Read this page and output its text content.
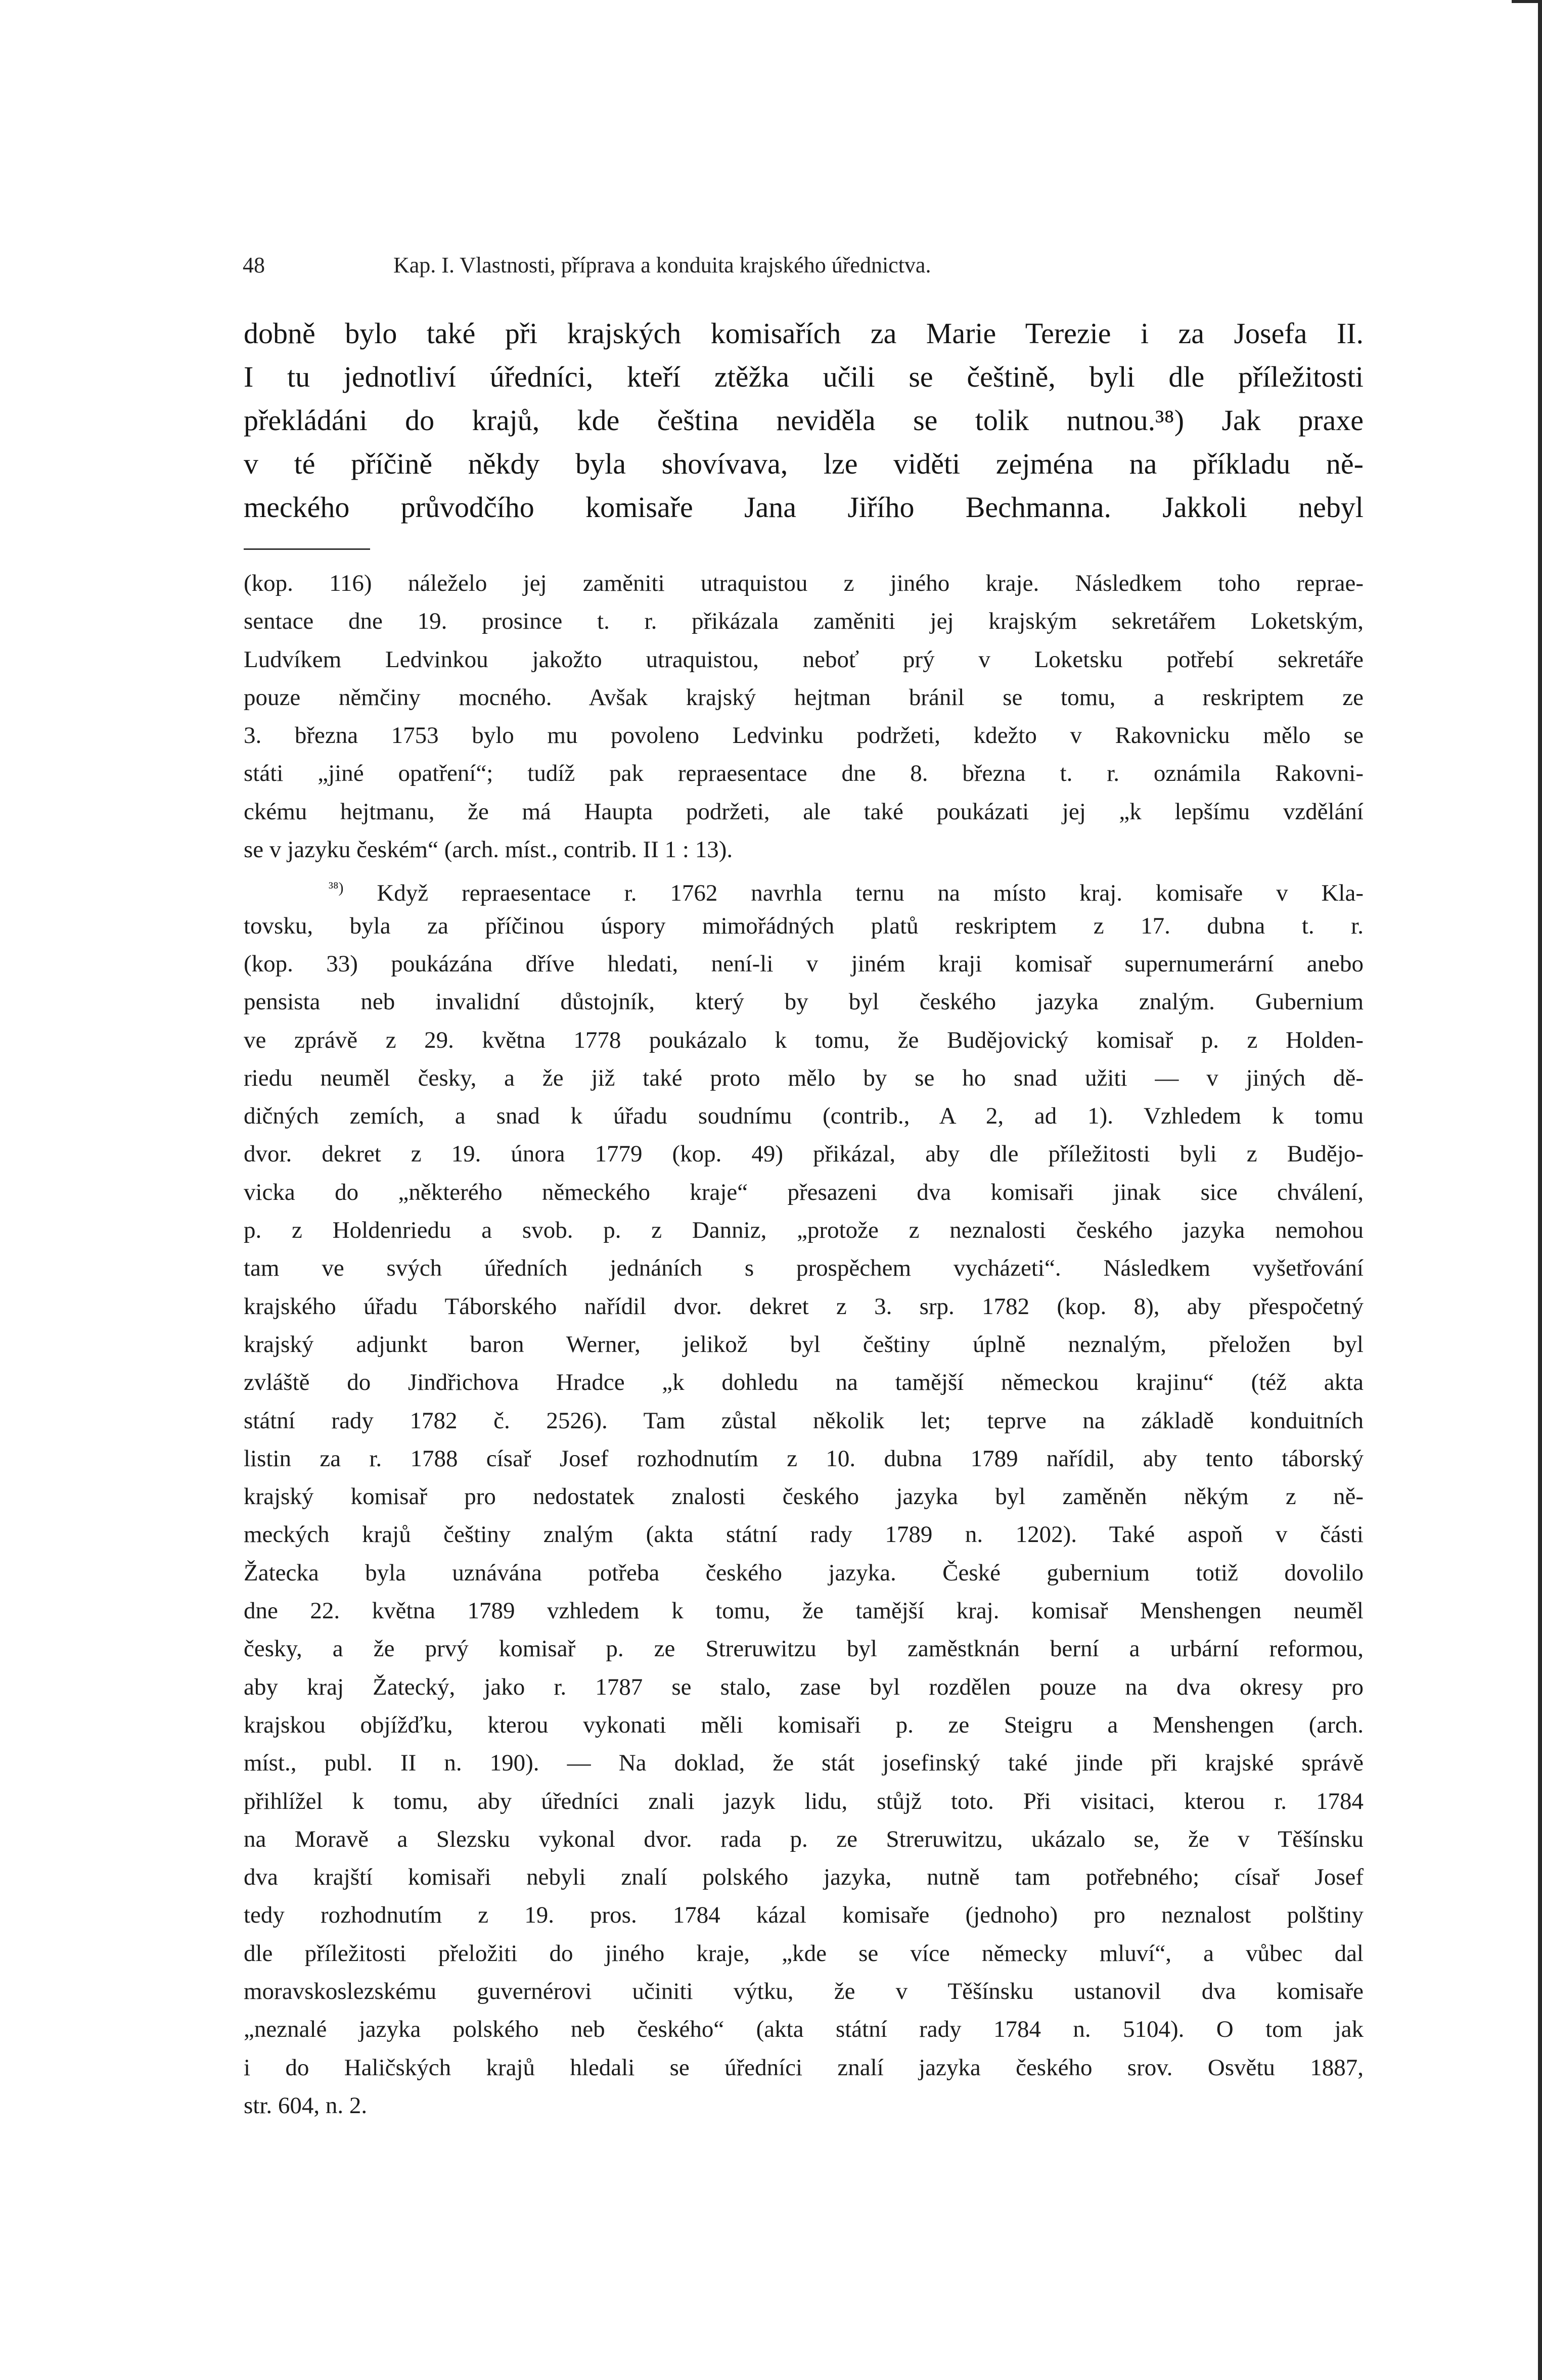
48	Kap. I. Vlastnosti, příprava a konduita krajského úřednictva.
dobně bylo také při krajských komisařích za Marie Terezie i za Josefa II.
I tu jednotliví úředníci, kteří ztěžka učili se češtině, byli dle příležitosti
překládáni do krajů, kde čeština neviděla se tolik nutnou.³⁸) Jak praxe
v té příčině někdy byla shovívava, lze viděti zejména na příkladu ně-
meckého průvodčího komisaře Jana Jiřího Bechmanna. Jakkoli nebyl
(kop. 116) náleželo jej zaměniti utraquistou z jiného kraje. Následkem toho repraе-
sentace dne 19. prosince t. r. přikázala zaměniti jej krajským sekretářem Loketským,
Ludvíkem Ledvinkou jakožto utraquistou, neboť prý v Loketsku potřebí sekretáře
pouze němčiny mocného. Avšak krajský hejtman bránil se tomu, a reskriptem ze
3. března 1753 bylo mu povoleno Ledvinku podržeti, kdežto v Rakovnicku mělo se
státi „jiné opatření“; tudíž pak repraesentace dne 8. března t. r. oznámila Rakovni-
ckému hejtmanu, že má Haupta podržeti, ale také poukázati jej „k lepšímu vzdělání
se v jazyku českém“ (arch. míst., contrib. II 1 : 13).
$^{^{38})}$ Když repraesentace r. 1762 navrhla ternu na místo kraj. komisaře v Kla-
tovsku, byla za příčinou úspory mimořádných platů reskriptem z 17. dubna t. r.
(kop. 33) poukázána dříve hledati, není-li v jiném kraji komisař supernumerární anebo
pensista neb invalidní důstojník, který by byl českého jazyka znalým. Gubernium
ve zprávě z 29. května 1778 poukázalo k tomu, že Budějovický komisař p. z Holden-
riedu neuměl česky, a že již také proto mělo by se ho snad užiti — v jiných dě-
dičných zemích, a snad k úřadu soudnímu (contrib., A 2, ad 1). Vzhledem k tomu
dvor. dekret z 19. února 1779 (kop. 49) přikázal, aby dle příležitosti byli z Budějo-
vicka do „některého německého kraje“ přesazeni dva komisaři jinak sice chválení,
p. z Holdenriedu a svob. p. z Danniz, „protože z neznalosti českého jazyka nemohou
tam ve svých úředních jednáních s prospěchem vycházeti“. Následkem vyšetřování
krajského úřadu Táborského nařídil dvor. dekret z 3. srp. 1782 (kop. 8), aby přespočetný
krajský adjunkt baron Werner, jelikož byl češtiny úplně neznalým, přeložen byl
zvláště do Jindřichova Hradce „k dohledu na tamější německou krajinu“ (též akta
státní rady 1782 č. 2526). Tam zůstal několik let; teprve na základě konduitních
listin za r. 1788 císař Josef rozhodnutím z 10. dubna 1789 nařídil, aby tento táborský
krajský komisař pro nedostatek znalosti českého jazyka byl zaměněn někým z ně-
meckých krajů češtiny znalým (akta státní rady 1789 n. 1202). Také aspoň v části
Žatecka byla uznávána potřeba českého jazyka. České gubernium totiž dovolilo
dne 22. května 1789 vzhledem k tomu, že tamější kraj. komisař Menshengen neuměl
česky, a že prvý komisař p. ze Strеruwitzu byl zaměstknán berní a urbární reformou,
aby kraj Žatecký, jako r. 1787 se stalo, zase byl rozdělen pouze na dva okresy pro
krajskou objížďku, kterou vykonati měli komisaři p. ze Steigru a Menshengen (arch.
míst., publ. II n. 190). — Na doklad, že stát josefinský také jinde při krajské správě
přihlížel k tomu, aby úředníci znali jazyk lidu, stůjž toto. Při visitaci, kterou r. 1784
na Moravě a Slezsku vykonal dvor. rada p. ze Streruwitzu, ukázalo se, že v Těšínsku
dva krajští komisaři nebyli znalí polského jazyka, nutně tam potřebného; císař Josef
tedy rozhodnutím z 19. pros. 1784 kázal komisaře (jednoho) pro neznalost polštiny
dle příležitosti přeložiti do jiného kraje, „kde se více německy mluví“, a vůbec dal
moravskoslezskému guvernérovi učiniti výtku, že v Těšínsku ustanovil dva komisaře
„neznalé jazyka polského neb českého“ (akta státní rady 1784 n. 5104). O tom jak
i do Haličských krajů hledali se úředníci znalí jazyka českého srov. Osvětu 1887,
str. 604, n. 2.
